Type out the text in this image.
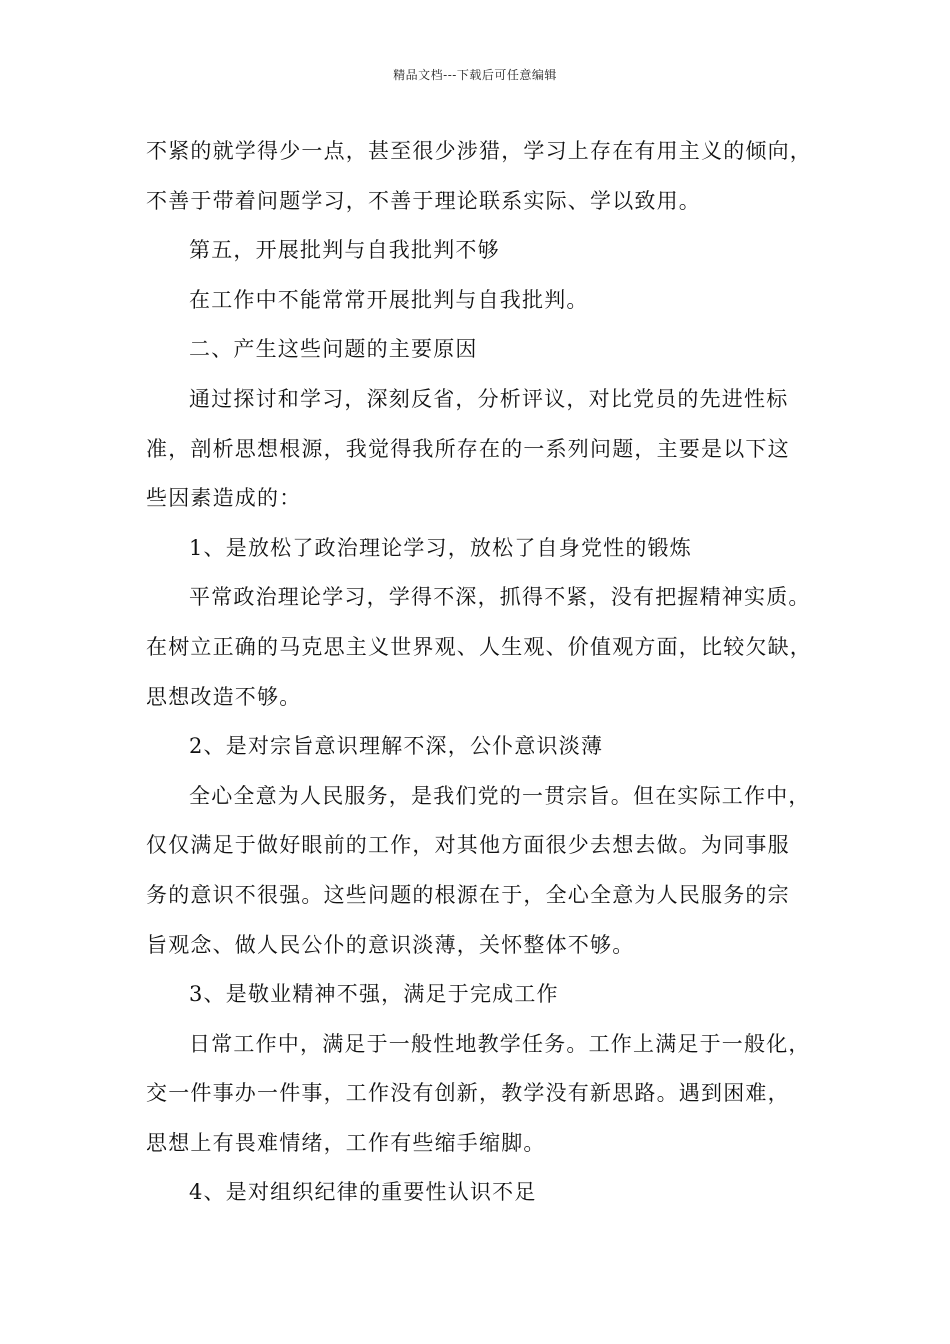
精品文档---下载后可任意编辑
不紧的就学得少一点，甚至很少涉猎，学习上存在有用主义的倾向，
不善于带着问题学习，不善于理论联系实际、学以致用。
第五，开展批判与自我批判不够
在工作中不能常常开展批判与自我批判。
二、产生这些问题的主要原因
通过探讨和学习，深刻反省，分析评议，对比党员的先进性标
准，剖析思想根源，我觉得我所存在的一系列问题，主要是以下这
些因素造成的：
1、是放松了政治理论学习，放松了自身党性的锻炼
平常政治理论学习，学得不深，抓得不紧，没有把握精神实质。
在树立正确的马克思主义世界观、人生观、价值观方面，比较欠缺，
思想改造不够。
2、是对宗旨意识理解不深，公仆意识淡薄
全心全意为人民服务，是我们党的一贯宗旨。但在实际工作中，
仅仅满足于做好眼前的工作，对其他方面很少去想去做。为同事服
务的意识不很强。这些问题的根源在于，全心全意为人民服务的宗
旨观念、做人民公仆的意识淡薄，关怀整体不够。
3、是敬业精神不强，满足于完成工作
日常工作中，满足于一般性地教学任务。工作上满足于一般化，
交一件事办一件事，工作没有创新，教学没有新思路。遇到困难，
思想上有畏难情绪，工作有些缩手缩脚。
4、是对组织纪律的重要性认识不足
